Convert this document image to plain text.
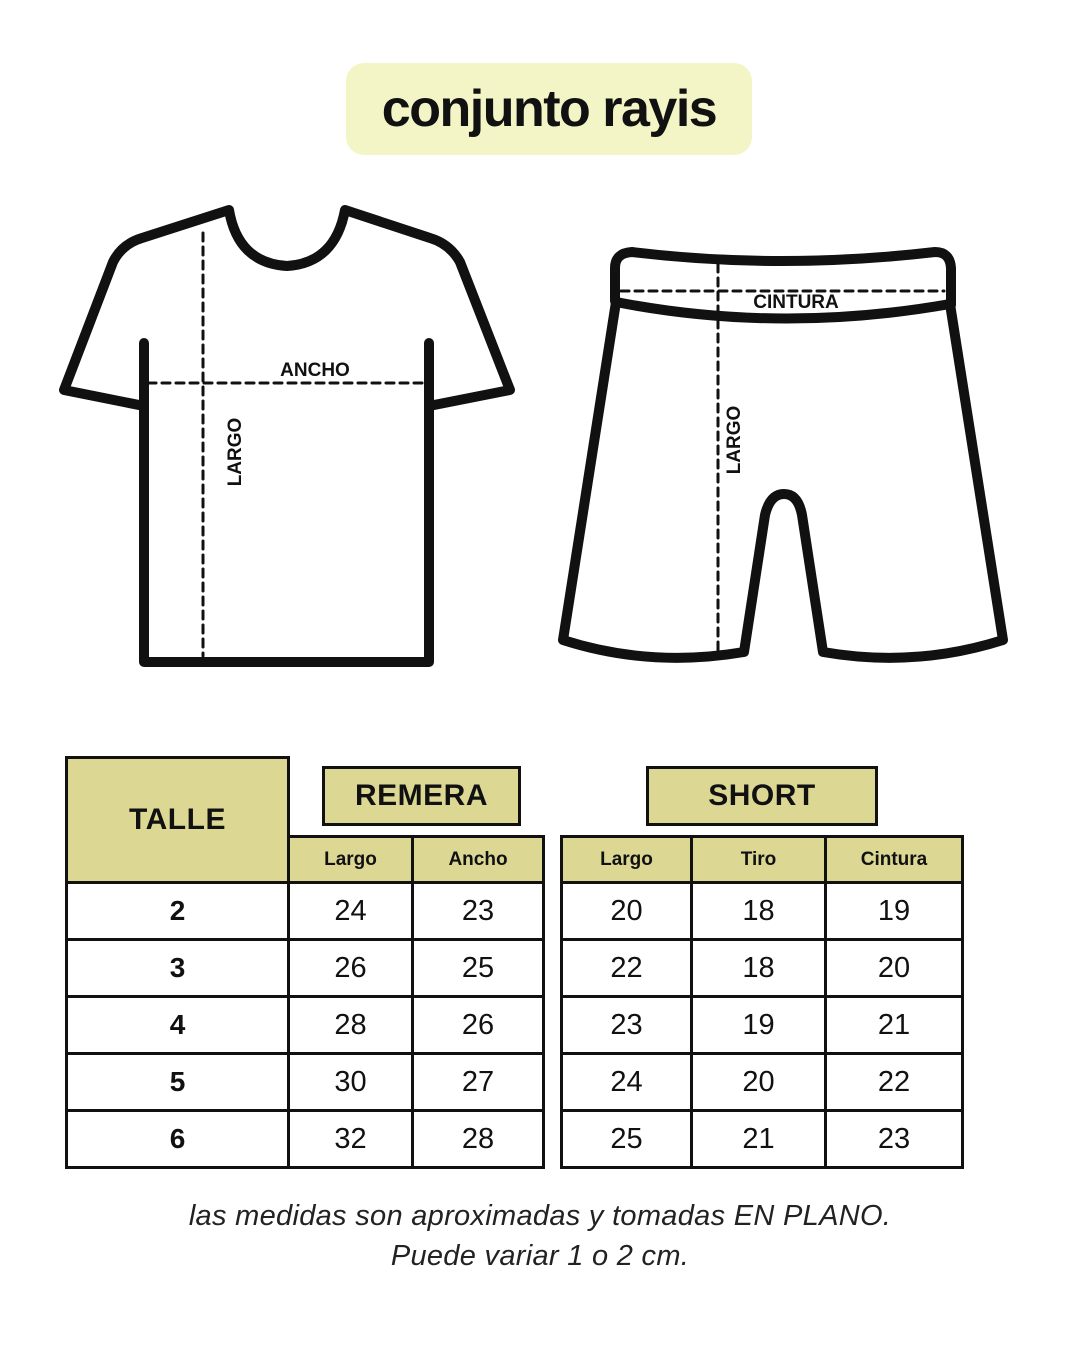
conjunto rayis
ANCHO
LARGO
CINTURA
LARGO
TALLE
REMERA	SHORT
Largo	Ancho	Largo	Tiro	Cintura
2	24	23	20	18	19
3	26	25	22	18	20
4	28	26	23	19	21
5	30	27	24	20	22
6	32	28	25	21	23
las medidas son aproximadas y tomadas EN PLANO.
Puede variar 1 o 2 cm.
